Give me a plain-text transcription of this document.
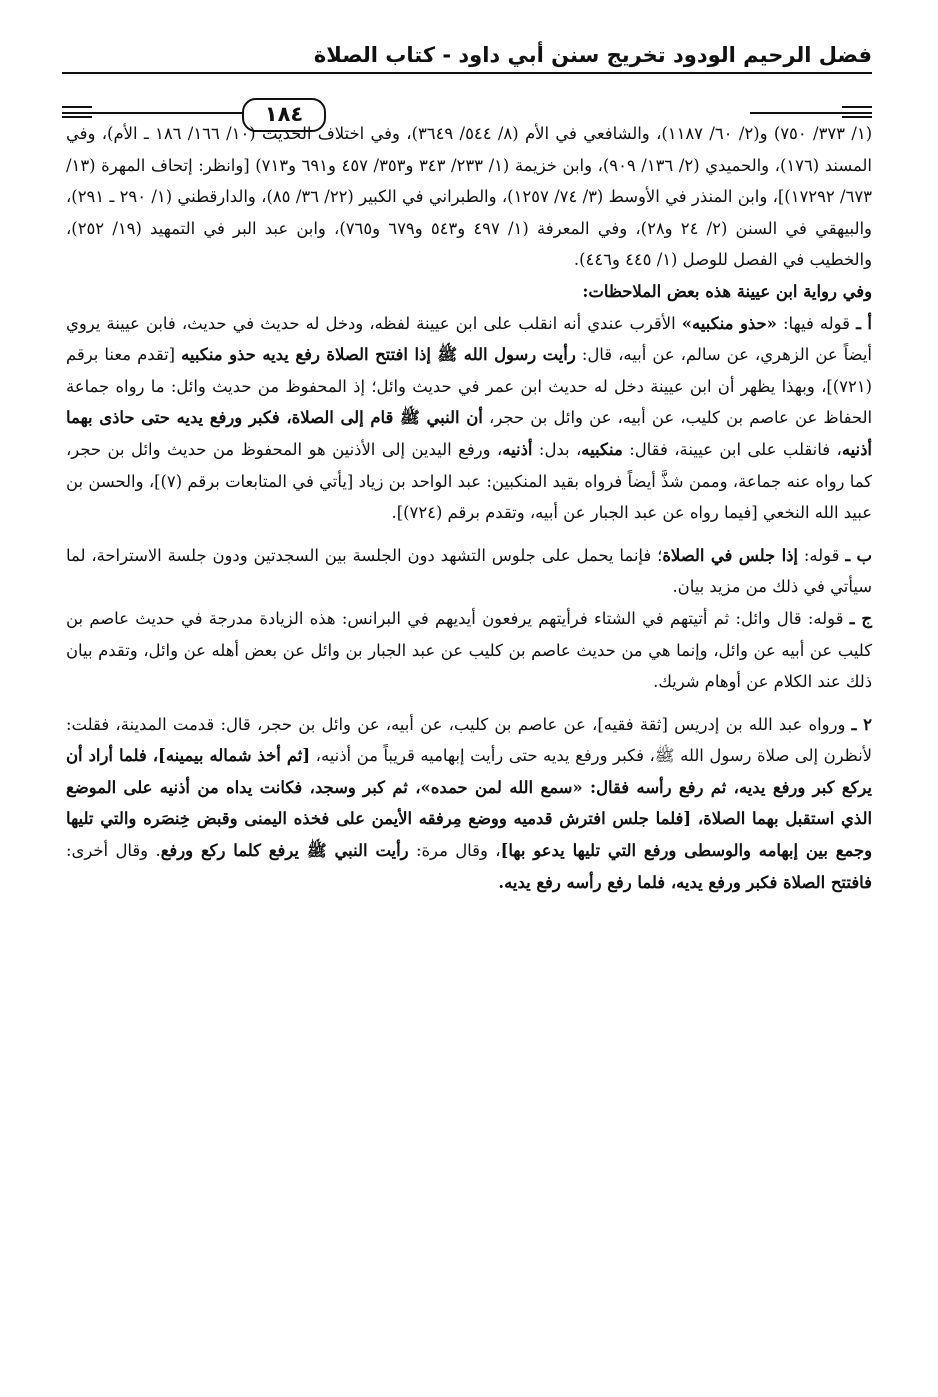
فضل الرحيم الودود تخريج سنن أبي داود - كتاب الصلاة
١٨٤

(١/ ٣٧٣/ ٧٥٠) و(٢/ ٦٠/ ١١٨٧)، والشافعي في الأم (٨/ ٥٤٤/ ٣٦٤٩)، وفي اختلاف الحديث (١٠/ ١٦٦/ ١٨٦ ـ الأم)، وفي المسند (١٧٦)، والحميدي (٢/ ١٣٦/ ٩٠٩)، وابن خزيمة (١/ ٢٣٣/ ٣٤٣ و٣٥٣/ ٤٥٧ و٦٩١ و٧١٣) [وانظر: إتحاف المهرة (١٣/ ٦٧٣/ ١٧٢٩٢)]، وابن المنذر في الأوسط (٣/ ٧٤/ ١٢٥٧)، والطبراني في الكبير (٢٢/ ٣٦/ ٨٥)، والدارقطني (١/ ٢٩٠ ـ ٢٩١)، والبيهقي في السنن (٢/ ٢٤ و٢٨)، وفي المعرفة (١/ ٤٩٧ و٥٤٣ و٦٧٩ و٧٦٥)، وابن عبد البر في التمهيد (١٩/ ٢٥٢)، والخطيب في الفصل للوصل (١/ ٤٤٥ و٤٤٦).

وفي رواية ابن عيينة هذه بعض الملاحظات:

أ ـ قوله فيها: «حذو منكبيه» الأقرب عندي أنه انقلب على ابن عيينة لفظه، ودخل له حديث في حديث، فابن عيينة يروي أيضاً عن الزهري، عن سالم، عن أبيه، قال: رأيت رسول الله ﷺ إذا افتتح الصلاة رفع يديه حذو منكبيه [تقدم معنا برقم (٧٢١)]، وبهذا يظهر أن ابن عيينة دخل له حديث ابن عمر في حديث وائل؛ إذ المحفوظ من حديث وائل: ما رواه جماعة الحفاظ عن عاصم بن كليب، عن أبيه، عن وائل بن حجر، أن النبي ﷺ قام إلى الصلاة، فكبر ورفع يديه حتى حاذى بهما أذنيه، فانقلب على ابن عيينة، فقال: منكبيه، بدل: أذنيه، ورفع اليدين إلى الأذنين هو المحفوظ من حديث وائل بن حجر، كما رواه عنه جماعة، وممن شذَّ أيضاً فرواه بقيد المنكبين: عبد الواحد بن زياد [يأتي في المتابعات برقم (٧)]، والحسن بن عبيد الله النخعي [فيما رواه عن عبد الجبار عن أبيه، وتقدم برقم (٧٢٤)].

ب ـ قوله: إذا جلس في الصلاة؛ فإنما يحمل على جلوس التشهد دون الجلسة بين السجدتين ودون جلسة الاستراحة، لما سيأتي في ذلك من مزيد بيان.

ج ـ قوله: قال وائل: ثم أتيتهم في الشتاء فرأيتهم يرفعون أيديهم في البرانس: هذه الزيادة مدرجة في حديث عاصم بن كليب عن أبيه عن وائل، وإنما هي من حديث عاصم بن كليب عن عبد الجبار بن وائل عن بعض أهله عن وائل، وتقدم بيان ذلك عند الكلام عن أوهام شريك.

٢ ـ ورواه عبد الله بن إدريس [ثقة فقيه]، عن عاصم بن كليب، عن أبيه، عن وائل بن حجر، قال: قدمت المدينة، فقلت: لأنظرن إلى صلاة رسول الله ﷺ، فكبر ورفع يديه حتى رأيت إبهاميه قريباً من أذنيه، [ثم أخذ شماله بيمينه]، فلما أراد أن يركع كبر ورفع يديه، ثم رفع رأسه فقال: «سمع الله لمن حمده»، ثم كبر وسجد، فكانت يداه من أذنيه على الموضع الذي استقبل بهما الصلاة، [فلما جلس افترش قدميه ووضع مِرفقه الأيمن على فخذه اليمنى وقبض خِنصَره والتي تليها وجمع بين إبهامه والوسطى ورفع التي تليها يدعو بها]، وقال مرة: رأيت النبي ﷺ يرفع كلما ركع ورفع. وقال أخرى: فافتتح الصلاة فكبر ورفع يديه، فلما رفع رأسه رفع يديه.
